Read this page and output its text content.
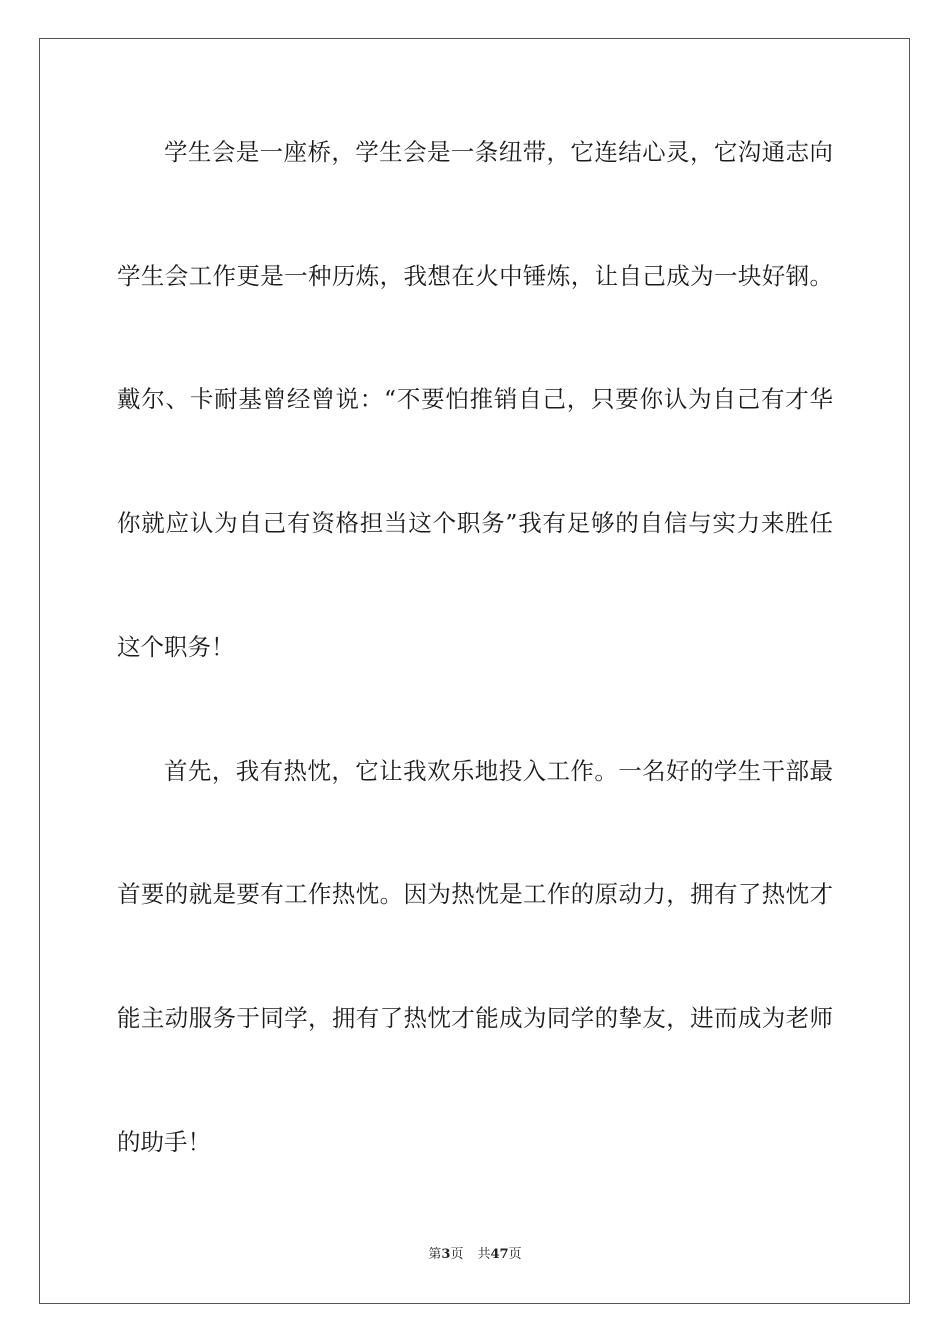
学生会是一座桥，学生会是一条纽带，它连结心灵，它沟通志向
学生会工作更是一种历炼，我想在火中锤炼，让自己成为一块好钢。
戴尔、卡耐基曾经曾说：“不要怕推销自己，只要你认为自己有才华
你就应认为自己有资格担当这个职务”我有足够的自信与实力来胜任
这个职务！
首先，我有热忱，它让我欢乐地投入工作。一名好的学生干部最
首要的就是要有工作热忱。因为热忱是工作的原动力，拥有了热忱才
能主动服务于同学，拥有了热忱才能成为同学的挚友，进而成为老师
的助手！
第3页 共47页
